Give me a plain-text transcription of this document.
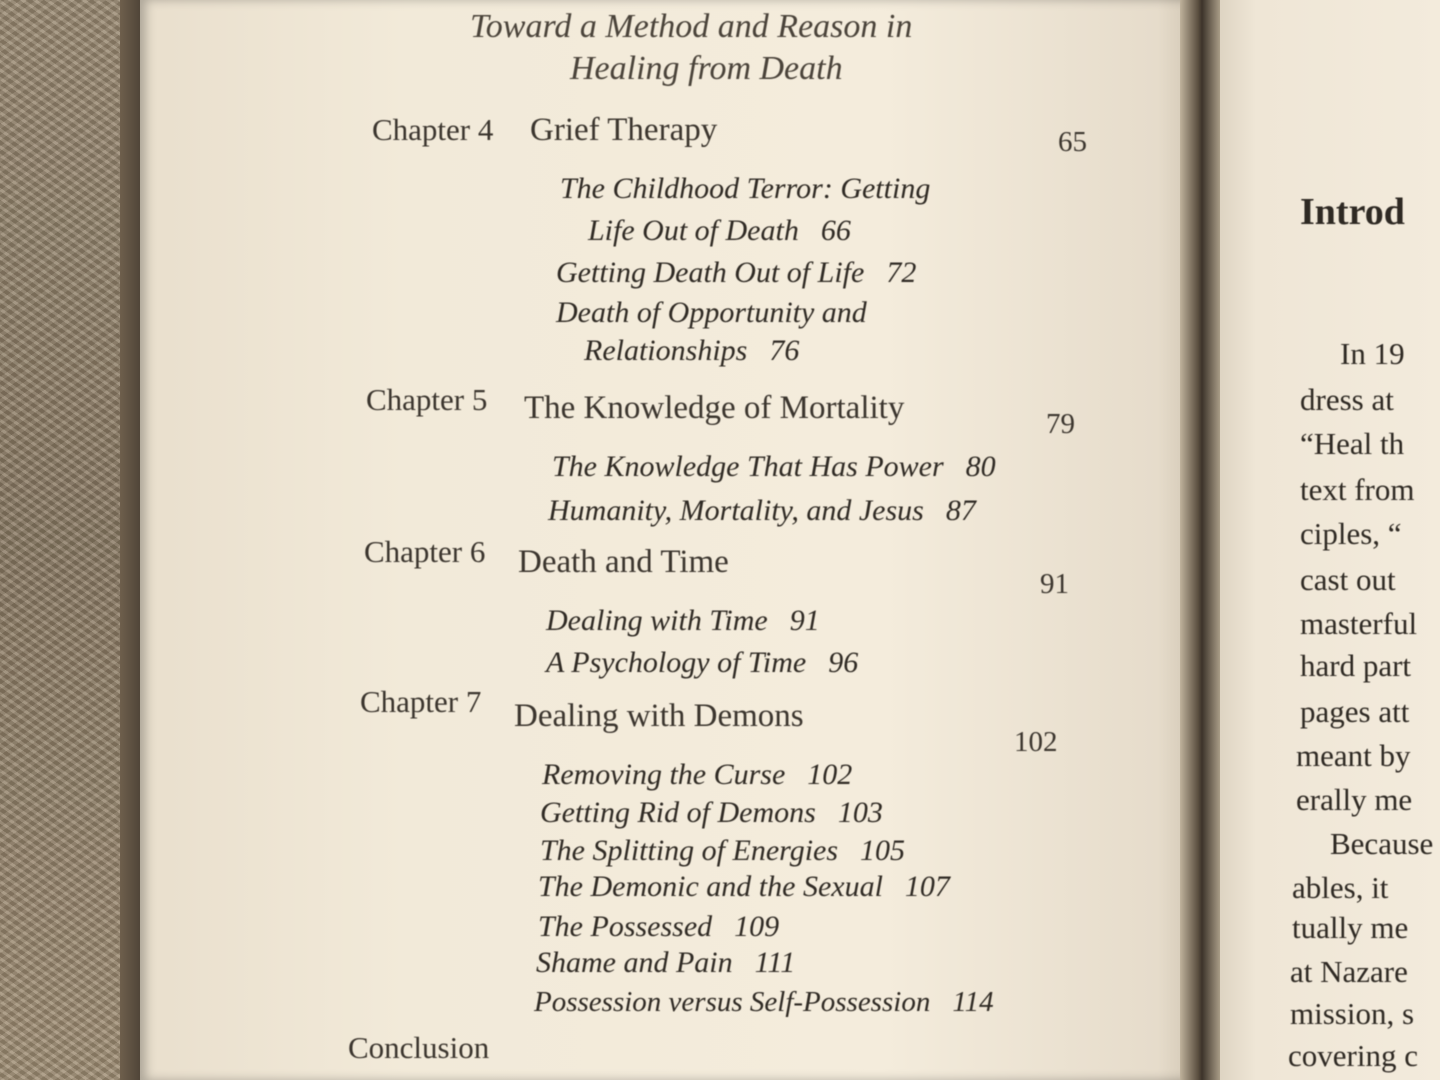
Toward a Method and Reason in
Healing from Death
Chapter 4 Grief Therapy	65
The Childhood Terror: Getting
Life Out of Death 66
Getting Death Out of Life 72
Death of Opportunity and
Relationships 76
Chapter 5 The Knowledge of Mortality	79
The Knowledge That Has Power 80
Humanity, Mortality, and Jesus 87
Chapter 6 Death and Time
91
Dealing with Time 91
A Psychology of Time 96
Chapter 7 Dealing with Demons
102
Removing the Curse 102
Getting Rid of Demons 103
The Splitting of Energies 105
The Demonic and the Sexual 107
The Possessed 109
Shame and Pain 111
Possession versus Self-Possession 114
Conclusion
Introd
In 19
dress at
“Heal th
text from
ciples, “
cast out
masterful
hard part
pages att
meant by
erally me
Because
ables, it
tually me
at Nazare
mission, s
covering c
